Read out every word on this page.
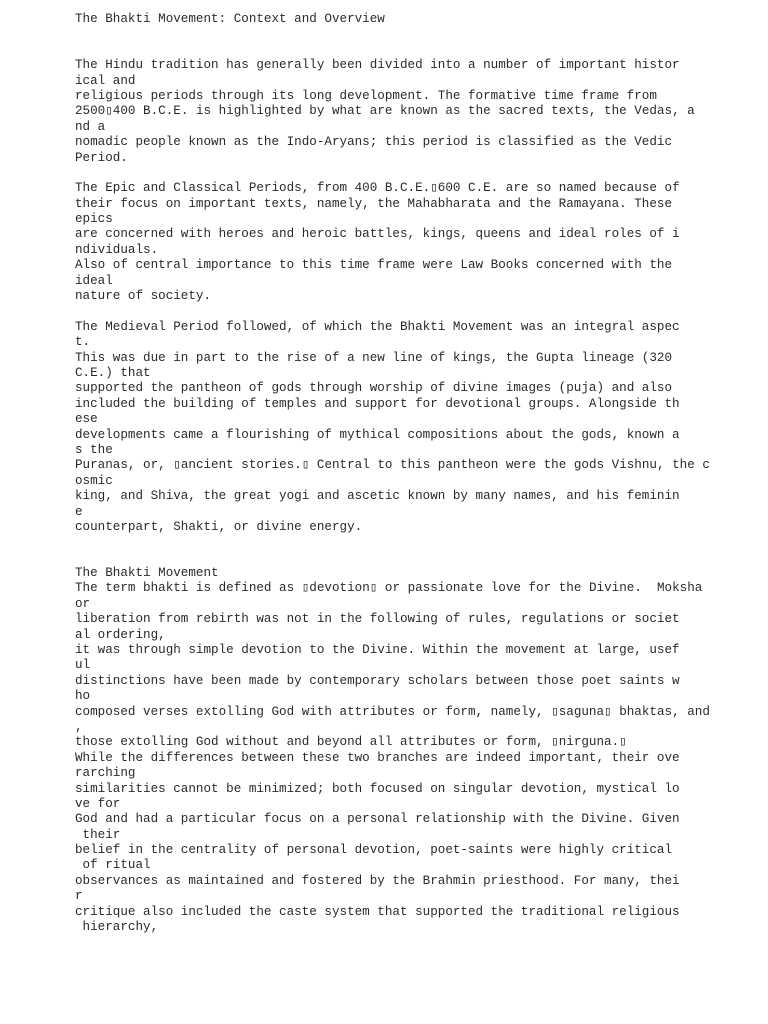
The Bhakti Movement: Context and Overview
The Hindu tradition has generally been divided into a number of important histor
ical and
religious periods through its long development. The formative time frame from
2500▯400 B.C.E. is highlighted by what are known as the sacred texts, the Vedas, a
nd a
nomadic people known as the Indo-Aryans; this period is classified as the Vedic
Period.
The Epic and Classical Periods, from 400 B.C.E.▯600 C.E. are so named because of
their focus on important texts, namely, the Mahabharata and the Ramayana. These
epics
are concerned with heroes and heroic battles, kings, queens and ideal roles of i
ndividuals.
Also of central importance to this time frame were Law Books concerned with the
ideal
nature of society.
The Medieval Period followed, of which the Bhakti Movement was an integral aspec
t.
This was due in part to the rise of a new line of kings, the Gupta lineage (320
C.E.) that
supported the pantheon of gods through worship of divine images (puja) and also
included the building of temples and support for devotional groups. Alongside th
ese
developments came a flourishing of mythical compositions about the gods, known a
s the
Puranas, or, ▯ancient stories.▯ Central to this pantheon were the gods Vishnu, the c
osmic
king, and Shiva, the great yogi and ascetic known by many names, and his feminin
e
counterpart, Shakti, or divine energy.
The Bhakti Movement
The term bhakti is defined as ▯devotion▯ or passionate love for the Divine.  Moksha
or
liberation from rebirth was not in the following of rules, regulations or societ
al ordering,
it was through simple devotion to the Divine. Within the movement at large, usef
ul
distinctions have been made by contemporary scholars between those poet saints w
ho
composed verses extolling God with attributes or form, namely, ▯saguna▯ bhaktas, and
,
those extolling God without and beyond all attributes or form, ▯nirguna.▯
While the differences between these two branches are indeed important, their ove
rarching
similarities cannot be minimized; both focused on singular devotion, mystical lo
ve for
God and had a particular focus on a personal relationship with the Divine. Given
their
belief in the centrality of personal devotion, poet-saints were highly critical
of ritual
observances as maintained and fostered by the Brahmin priesthood. For many, thei
r
critique also included the caste system that supported the traditional religious
hierarchy,
